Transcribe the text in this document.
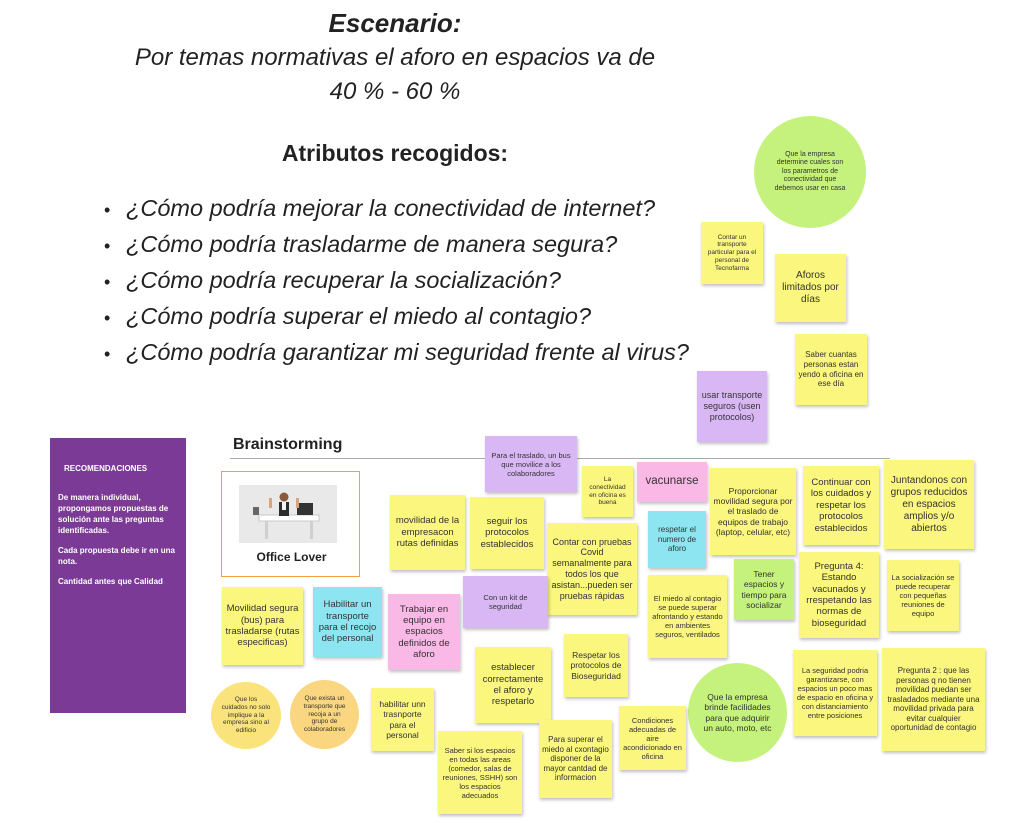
Escenario:
Por temas normativas el aforo en espacios va de
40 % - 60 %
Atributos recogidos:
• ¿Cómo podría mejorar la conectividad de internet?
• ¿Cómo podría trasladarme de manera segura?
• ¿Cómo podría recuperar la socialización?
• ¿Cómo podría superar el miedo al contagio?
• ¿Cómo podría garantizar mi seguridad frente al virus?

RECOMENDACIONES

De manera individual, propongamos propuestas de solución ante las preguntas identificadas.

Cada propuesta debe ir en una nota.

Cantidad antes que Calidad

Brainstorming
Office Lover
Que la empresa determine cuales son los parametros de conectividad que debemos usar en casa
Contar un transporte particular para el personal de Tecnofarma
Aforos limitados por días
Saber cuantas personas estan yendo a oficina en ese día
usar transporte seguros (usen protocolos)
Para el traslado, un bus que movilice a los colaboradores
La conectividad en oficina es buena
vacunarse
Proporcionar movilidad segura por el traslado de equipos de trabajo (laptop, celular, etc)
Continuar con los cuidados y respetar los protocolos establecidos
Juntandonos con grupos reducidos en espacios amplios y/o abiertos
movilidad de la empresacon rutas definidas
seguir los protocolos establecidos	Contar con pruebas Covid semanalmente para todos los que asistan...pueden ser pruebas rápidas
respetar el numero de aforo
Tener espacios y tiempo para socializar
Pregunta 4: Estando vacunados y rrespetando las normas de bioseguridad
La socialización se puede recuperar con pequeñas reuniones de equipo
Movilidad segura (bus) para trasladarse (rutas especificas)
Habilitar un transporte para el recojo del personal
Trabajar en equipo en espacios definidos de aforo
Con un kit de seguridad
El miedo al contagio se puede superar afrontando y estando en ambientes seguros, ventilados
Respetar los protocolos de Bioseguridad
La seguridad podria garantizarse, con espacios un poco mas de espacio en oficina y con distanciamiento entre posiciones
Pregunta 2 : que las personas q no tienen movilidad puedan ser trasladados mediante una movilidad privada para evitar cualquier oportunidad de contagio
Que los cuidados no solo implique a la empresa sino al edificio
Que exista un transporte que recoja a un grupo de colaboradores
habilitar unn trasnporte para el personal
establecer correctamente el aforo y respetarlo	Que la empresa brinde facilidades para que adquirir un auto, moto, etc
Saber si los espacios en todas las areas (comedor, salas de reuniones, SSHH) son los espacios adecuados
Para superar el miedo al cxontagio disponer de la mayor cantdad de informacion
Condiciones adecuadas de aire acondicionado en oficina
